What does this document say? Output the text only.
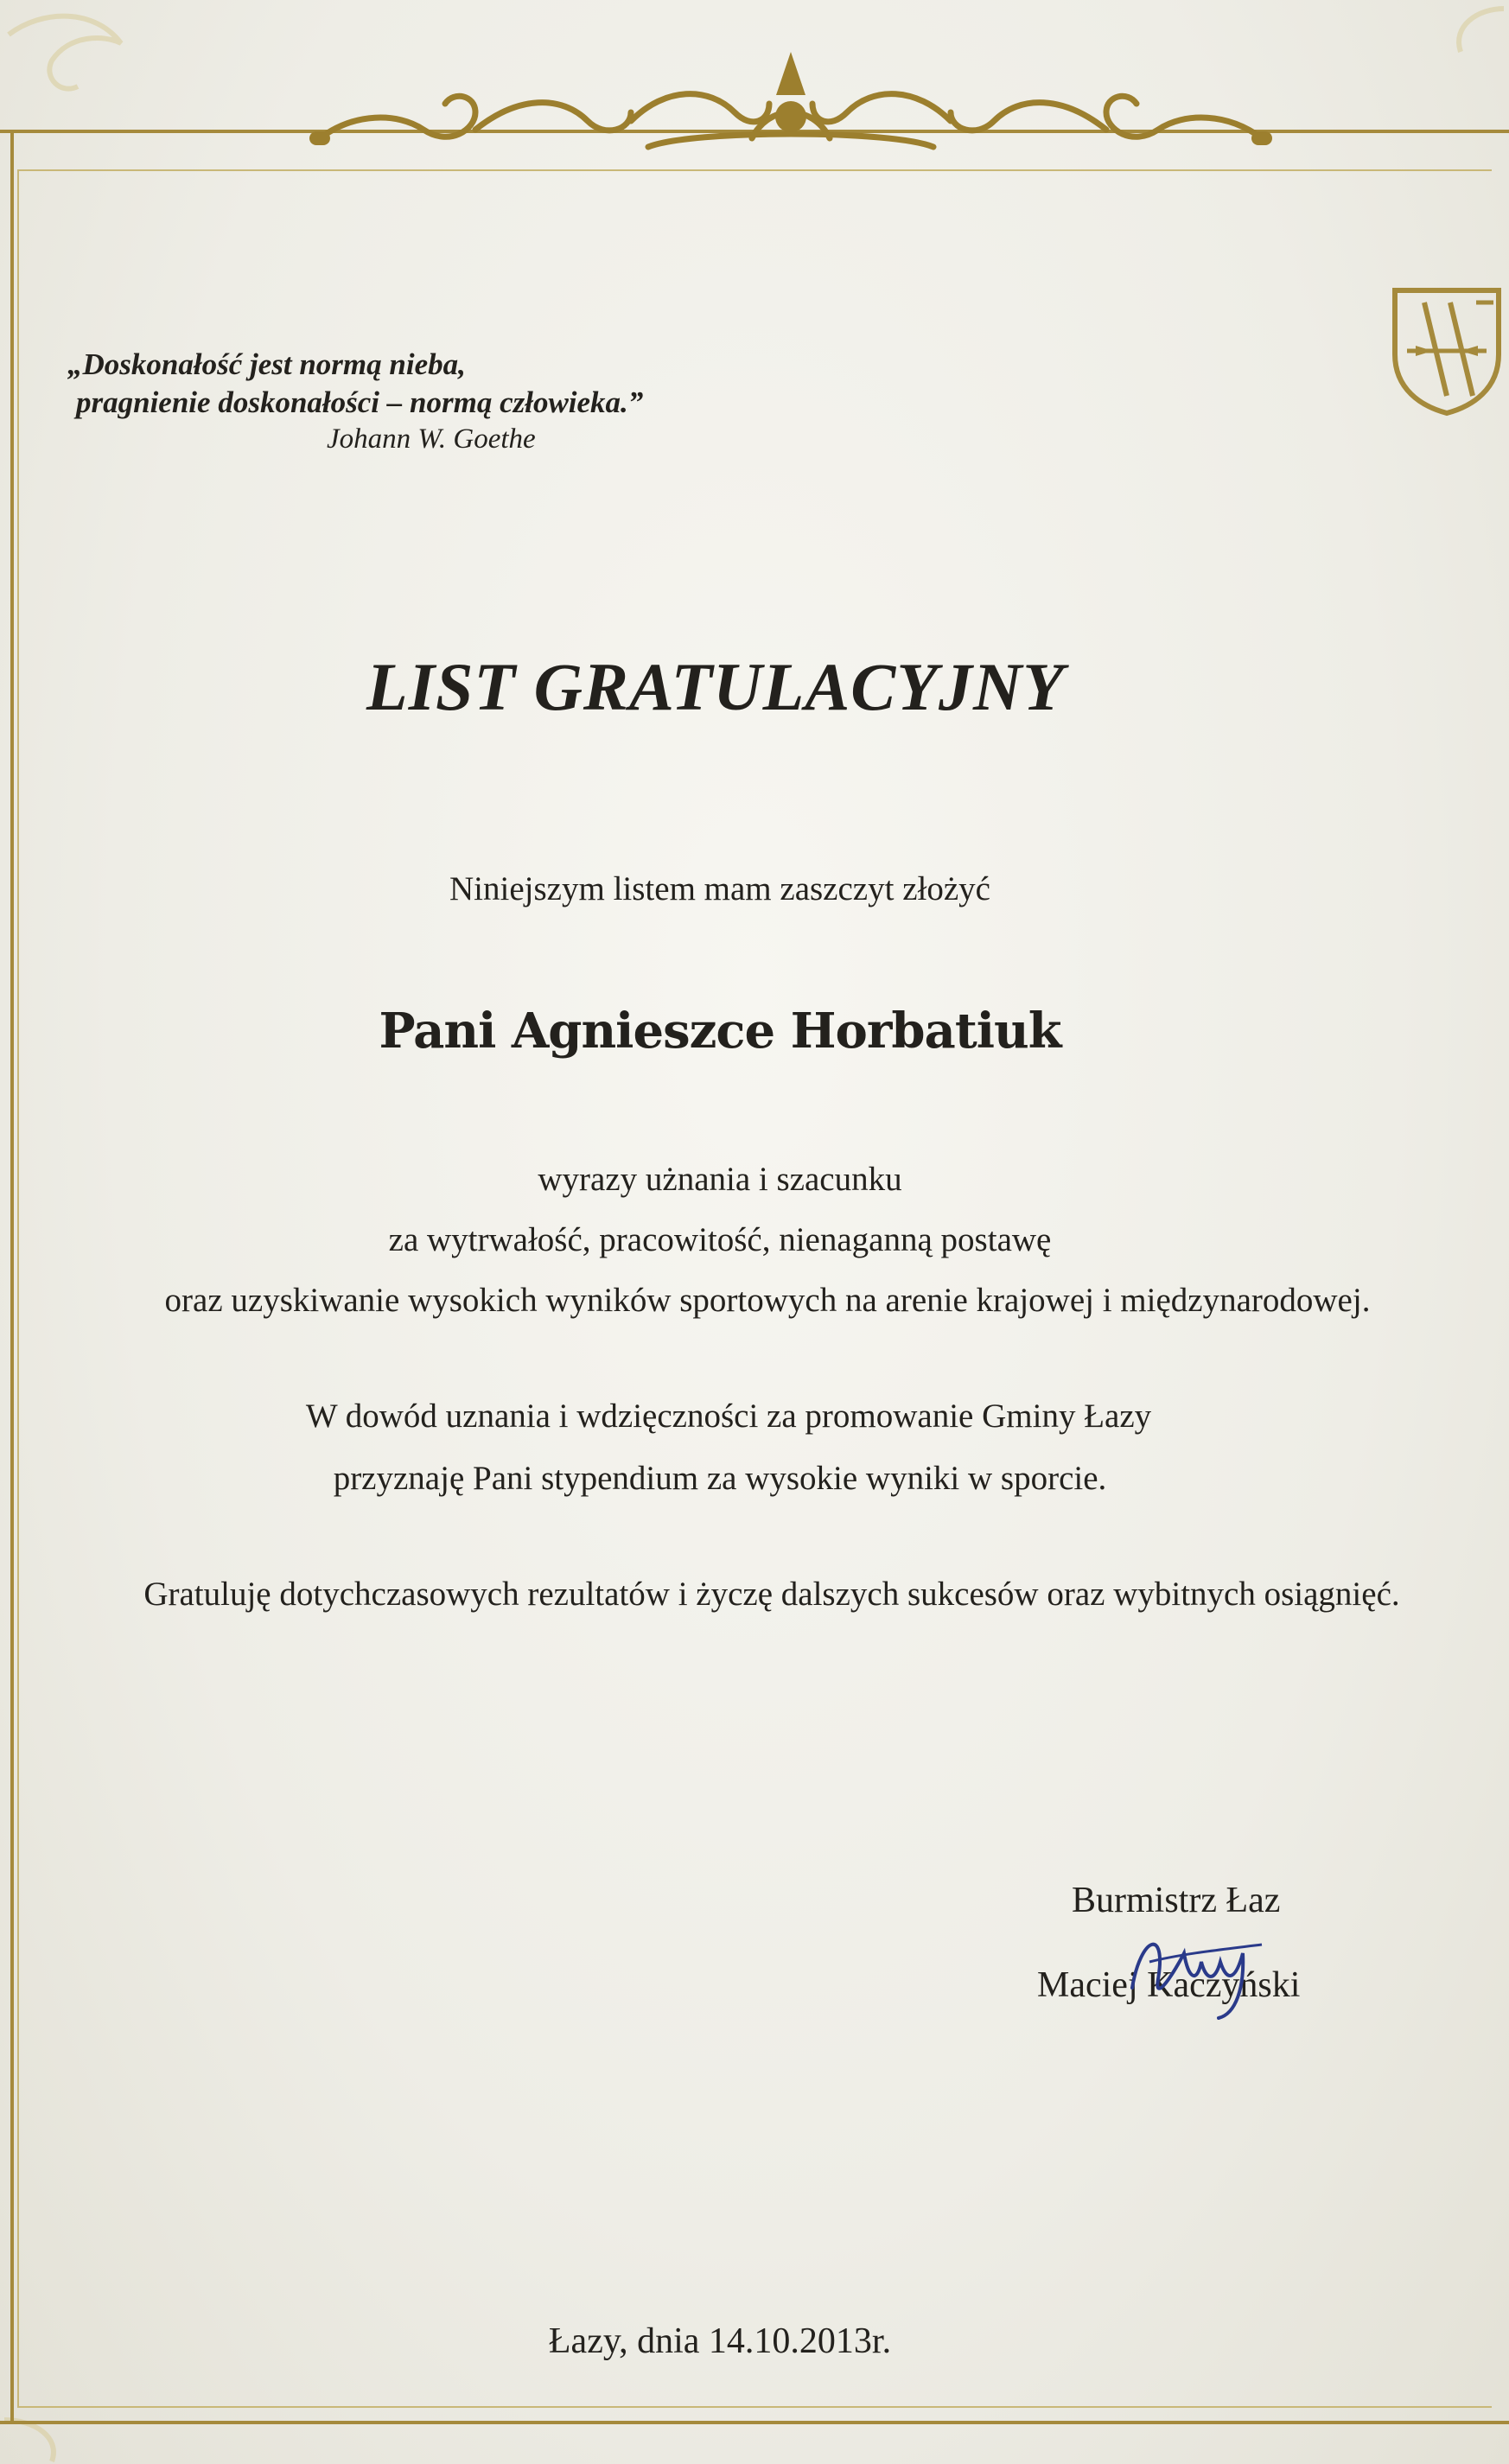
„Doskonałość jest normą nieba,
pragnienie doskonałości – normą człowieka.”
Johann W. Goethe
LIST GRATULACYJNY
Niniejszym listem mam zaszczyt złożyć
Pani Agnieszce Horbatiuk
wyrazy użnania i szacunku
za wytrwałość, pracowitość, nienaganną postawę
oraz uzyskiwanie wysokich wyników sportowych na arenie krajowej i międzynarodowej.
W dowód uznania i wdzięczności za promowanie Gminy Łazy
przyznaję Pani stypendium za wysokie wyniki w sporcie.
Gratuluję dotychczasowych rezultatów i życzę dalszych sukcesów oraz wybitnych osiągnięć.
Burmistrz Łaz
Maciej Kaczyński
Łazy, dnia 14.10.2013r.
